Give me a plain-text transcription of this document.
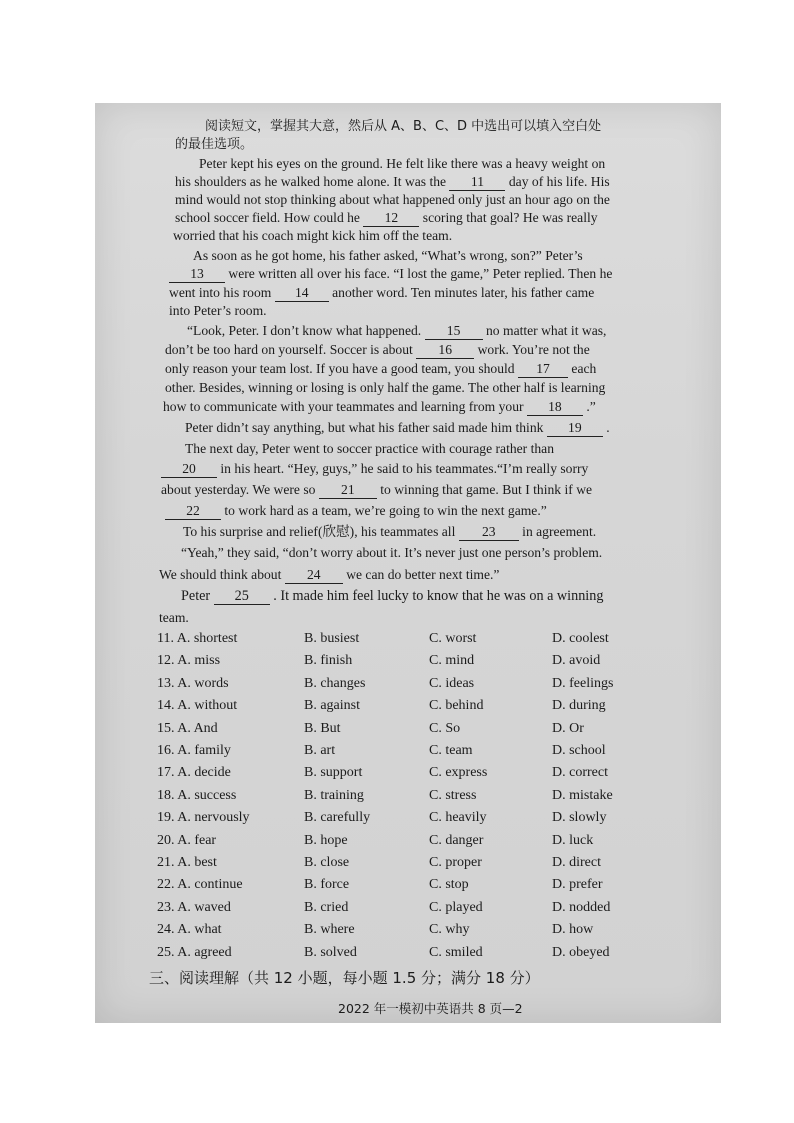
阅读短文，掌握其大意，然后从 A、B、C、D 中选出可以填入空白处
的最佳选项。
Peter kept his eyes on the ground. He felt like there was a heavy weight on
his shoulders as he walked home alone. It was the 11 day of his life. His
mind would not stop thinking about what happened only just an hour ago on the
school soccer field. How could he 12 scoring that goal? He was really
worried that his coach might kick him off the team.
As soon as he got home, his father asked, “What’s wrong, son?” Peter’s
13 were written all over his face. “I lost the game,” Peter replied. Then he
went into his room 14 another word. Ten minutes later, his father came
into Peter’s room.
“Look, Peter. I don’t know what happened. 15 no matter what it was,
don’t be too hard on yourself. Soccer is about 16 work. You’re not the
only reason your team lost. If you have a good team, you should 17 each
other. Besides, winning or losing is only half the game. The other half is learning
how to communicate with your teammates and learning from your 18 .”
Peter didn’t say anything, but what his father said made him think 19 .
The next day, Peter went to soccer practice with courage rather than
20 in his heart. “Hey, guys,” he said to his teammates.“I’m really sorry
about yesterday. We were so 21 to winning that game. But I think if we
22 to work hard as a team, we’re going to win the next game.”
To his surprise and relief(欣慰), his teammates all 23 in agreement.
“Yeah,” they said, “don’t worry about it. It’s never just one person’s problem.
We should think about 24 we can do better next time.”
Peter 25 . It made him feel lucky to know that he was on a winning
team.
11. A. shortest	B. busiest	C. worst	D. coolest
12. A. miss	B. finish	C. mind	D. avoid
13. A. words	B. changes	C. ideas	D. feelings
14. A. without	B. against	C. behind	D. during
15. A. And	B. But	C. So	D. Or
16. A. family	B. art	C. team	D. school
17. A. decide	B. support	C. express	D. correct
18. A. success	B. training	C. stress	D. mistake
19. A. nervously	B. carefully	C. heavily	D. slowly
20. A. fear	B. hope	C. danger	D. luck
21. A. best	B. close	C. proper	D. direct
22. A. continue	B. force	C. stop	D. prefer
23. A. waved	B. cried	C. played	D. nodded
24. A. what	B. where	C. why	D. how
25. A. agreed	B. solved	C. smiled	D. obeyed
三、阅读理解（共 12 小题，每小题 1.5 分；满分 18 分）
2022 年一模初中英语共 8 页—2
